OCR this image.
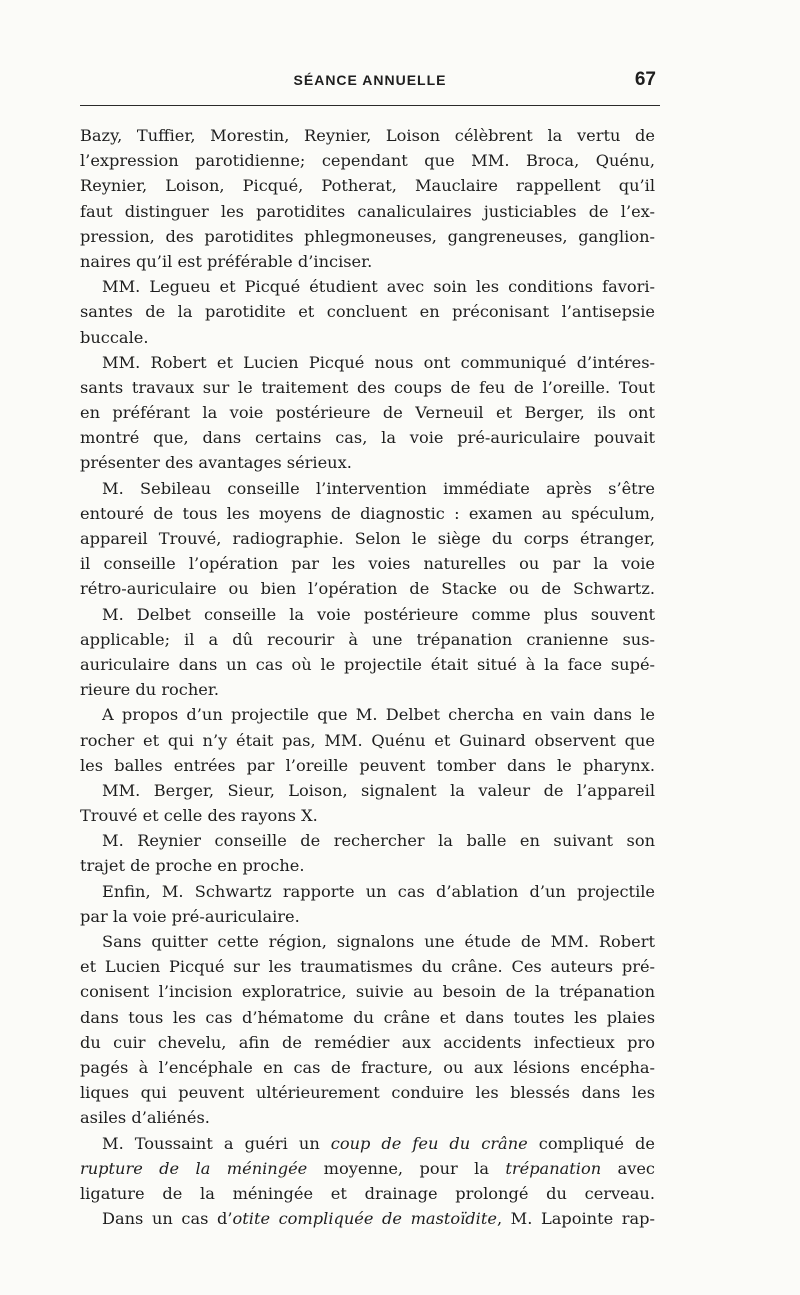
SÉANCE ANNUELLE	67
Bazy, Tuffier, Morestin, Reynier, Loison célèbrent la vertu de
l’expression parotidienne; cependant que MM. Broca, Quénu,
Reynier, Loison, Picqué, Potherat, Mauclaire rappellent qu’il
faut distinguer les parotidites canaliculaires justiciables de l’ex-
pression, des parotidites phlegmoneuses, gangreneuses, ganglion-
naires qu’il est préférable d’inciser.
MM. Legueu et Picqué étudient avec soin les conditions favori-
santes de la parotidite et concluent en préconisant l’antisepsie
buccale.
MM. Robert et Lucien Picqué nous ont communiqué d’intéres-
sants travaux sur le traitement des coups de feu de l’oreille. Tout
en préférant la voie postérieure de Verneuil et Berger, ils ont
montré que, dans certains cas, la voie pré-auriculaire pouvait
présenter des avantages sérieux.
M. Sebileau conseille l’intervention immédiate après s’être
entouré de tous les moyens de diagnostic : examen au spéculum,
appareil Trouvé, radiographie. Selon le siège du corps étranger,
il conseille l’opération par les voies naturelles ou par la voie
rétro-auriculaire ou bien l’opération de Stacke ou de Schwartz.
M. Delbet conseille la voie postérieure comme plus souvent
applicable; il a dû recourir à une trépanation cranienne sus-
auriculaire dans un cas où le projectile était situé à la face supé-
rieure du rocher.
A propos d’un projectile que M. Delbet chercha en vain dans le
rocher et qui n’y était pas, MM. Quénu et Guinard observent que
les balles entrées par l’oreille peuvent tomber dans le pharynx.
MM. Berger, Sieur, Loison, signalent la valeur de l’appareil
Trouvé et celle des rayons X.
M. Reynier conseille de rechercher la balle en suivant son
trajet de proche en proche.
Enfin, M. Schwartz rapporte un cas d’ablation d’un projectile
par la voie pré-auriculaire.
Sans quitter cette région, signalons une étude de MM. Robert
et Lucien Picqué sur les traumatismes du crâne. Ces auteurs pré-
conisent l’incision exploratrice, suivie au besoin de la trépanation
dans tous les cas d’hématome du crâne et dans toutes les plaies
du cuir chevelu, afin de remédier aux accidents infectieux pro
pagés à l’encéphale en cas de fracture, ou aux lésions encépha-
liques qui peuvent ultérieurement conduire les blessés dans les
asiles d’aliénés.
M. Toussaint a guéri un coup de feu du crâne compliqué de
rupture de la méningée moyenne, pour la trépanation avec
ligature de la méningée et drainage prolongé du cerveau.
Dans un cas d’otite compliquée de mastoïdite, M. Lapointe rap-
